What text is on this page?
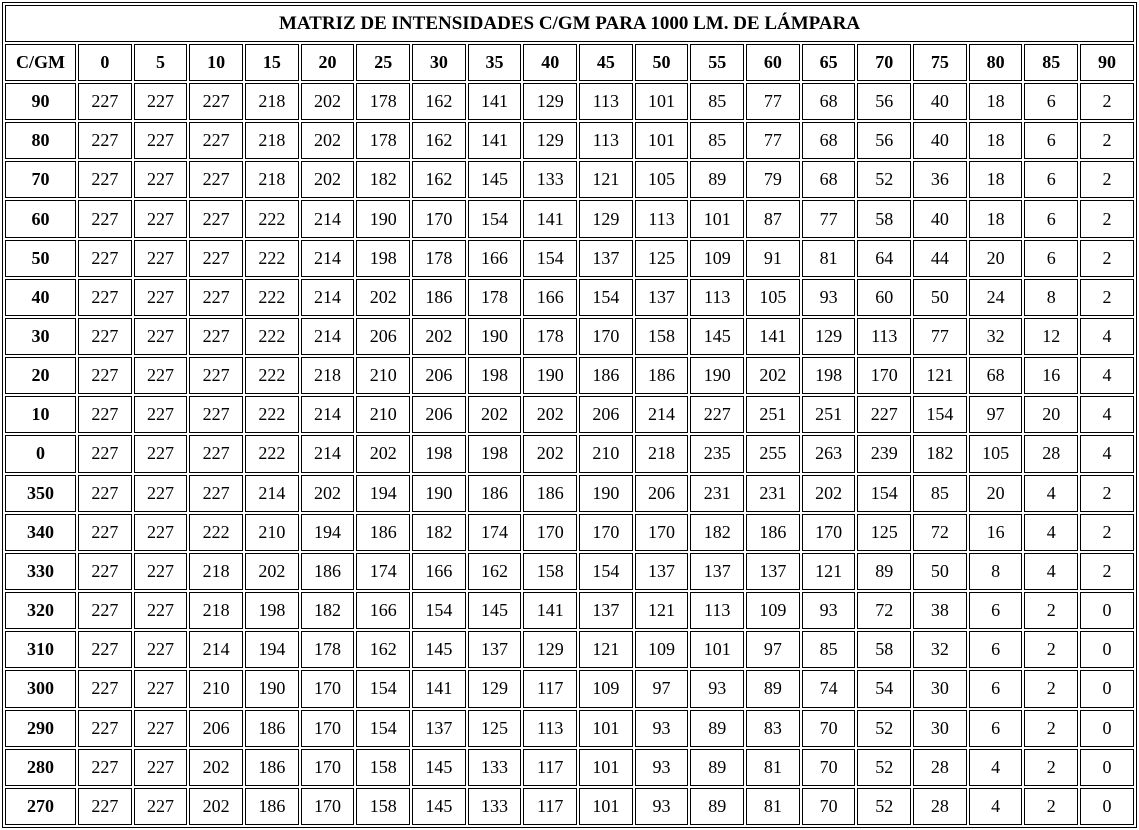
MATRIZ DE INTENSIDADES C/GM PARA 1000 LM. DE LÁMPARA																			
C/GM	0	5	10	15	20	25	30	35	40	45	50	55	60	65	70	75	80	85	90
90	227	227	227	218	202	178	162	141	129	113	101	85	77	68	56	40	18	6	2
80	227	227	227	218	202	178	162	141	129	113	101	85	77	68	56	40	18	6	2
70	227	227	227	218	202	182	162	145	133	121	105	89	79	68	52	36	18	6	2
60	227	227	227	222	214	190	170	154	141	129	113	101	87	77	58	40	18	6	2
50	227	227	227	222	214	198	178	166	154	137	125	109	91	81	64	44	20	6	2
40	227	227	227	222	214	202	186	178	166	154	137	113	105	93	60	50	24	8	2
30	227	227	227	222	214	206	202	190	178	170	158	145	141	129	113	77	32	12	4
20	227	227	227	222	218	210	206	198	190	186	186	190	202	198	170	121	68	16	4
10	227	227	227	222	214	210	206	202	202	206	214	227	251	251	227	154	97	20	4
0	227	227	227	222	214	202	198	198	202	210	218	235	255	263	239	182	105	28	4
350	227	227	227	214	202	194	190	186	186	190	206	231	231	202	154	85	20	4	2
340	227	227	222	210	194	186	182	174	170	170	170	182	186	170	125	72	16	4	2
330	227	227	218	202	186	174	166	162	158	154	137	137	137	121	89	50	8	4	2
320	227	227	218	198	182	166	154	145	141	137	121	113	109	93	72	38	6	2	0
310	227	227	214	194	178	162	145	137	129	121	109	101	97	85	58	32	6	2	0
300	227	227	210	190	170	154	141	129	117	109	97	93	89	74	54	30	6	2	0
290	227	227	206	186	170	154	137	125	113	101	93	89	83	70	52	30	6	2	0
280	227	227	202	186	170	158	145	133	117	101	93	89	81	70	52	28	4	2	0
270	227	227	202	186	170	158	145	133	117	101	93	89	81	70	52	28	4	2	0
